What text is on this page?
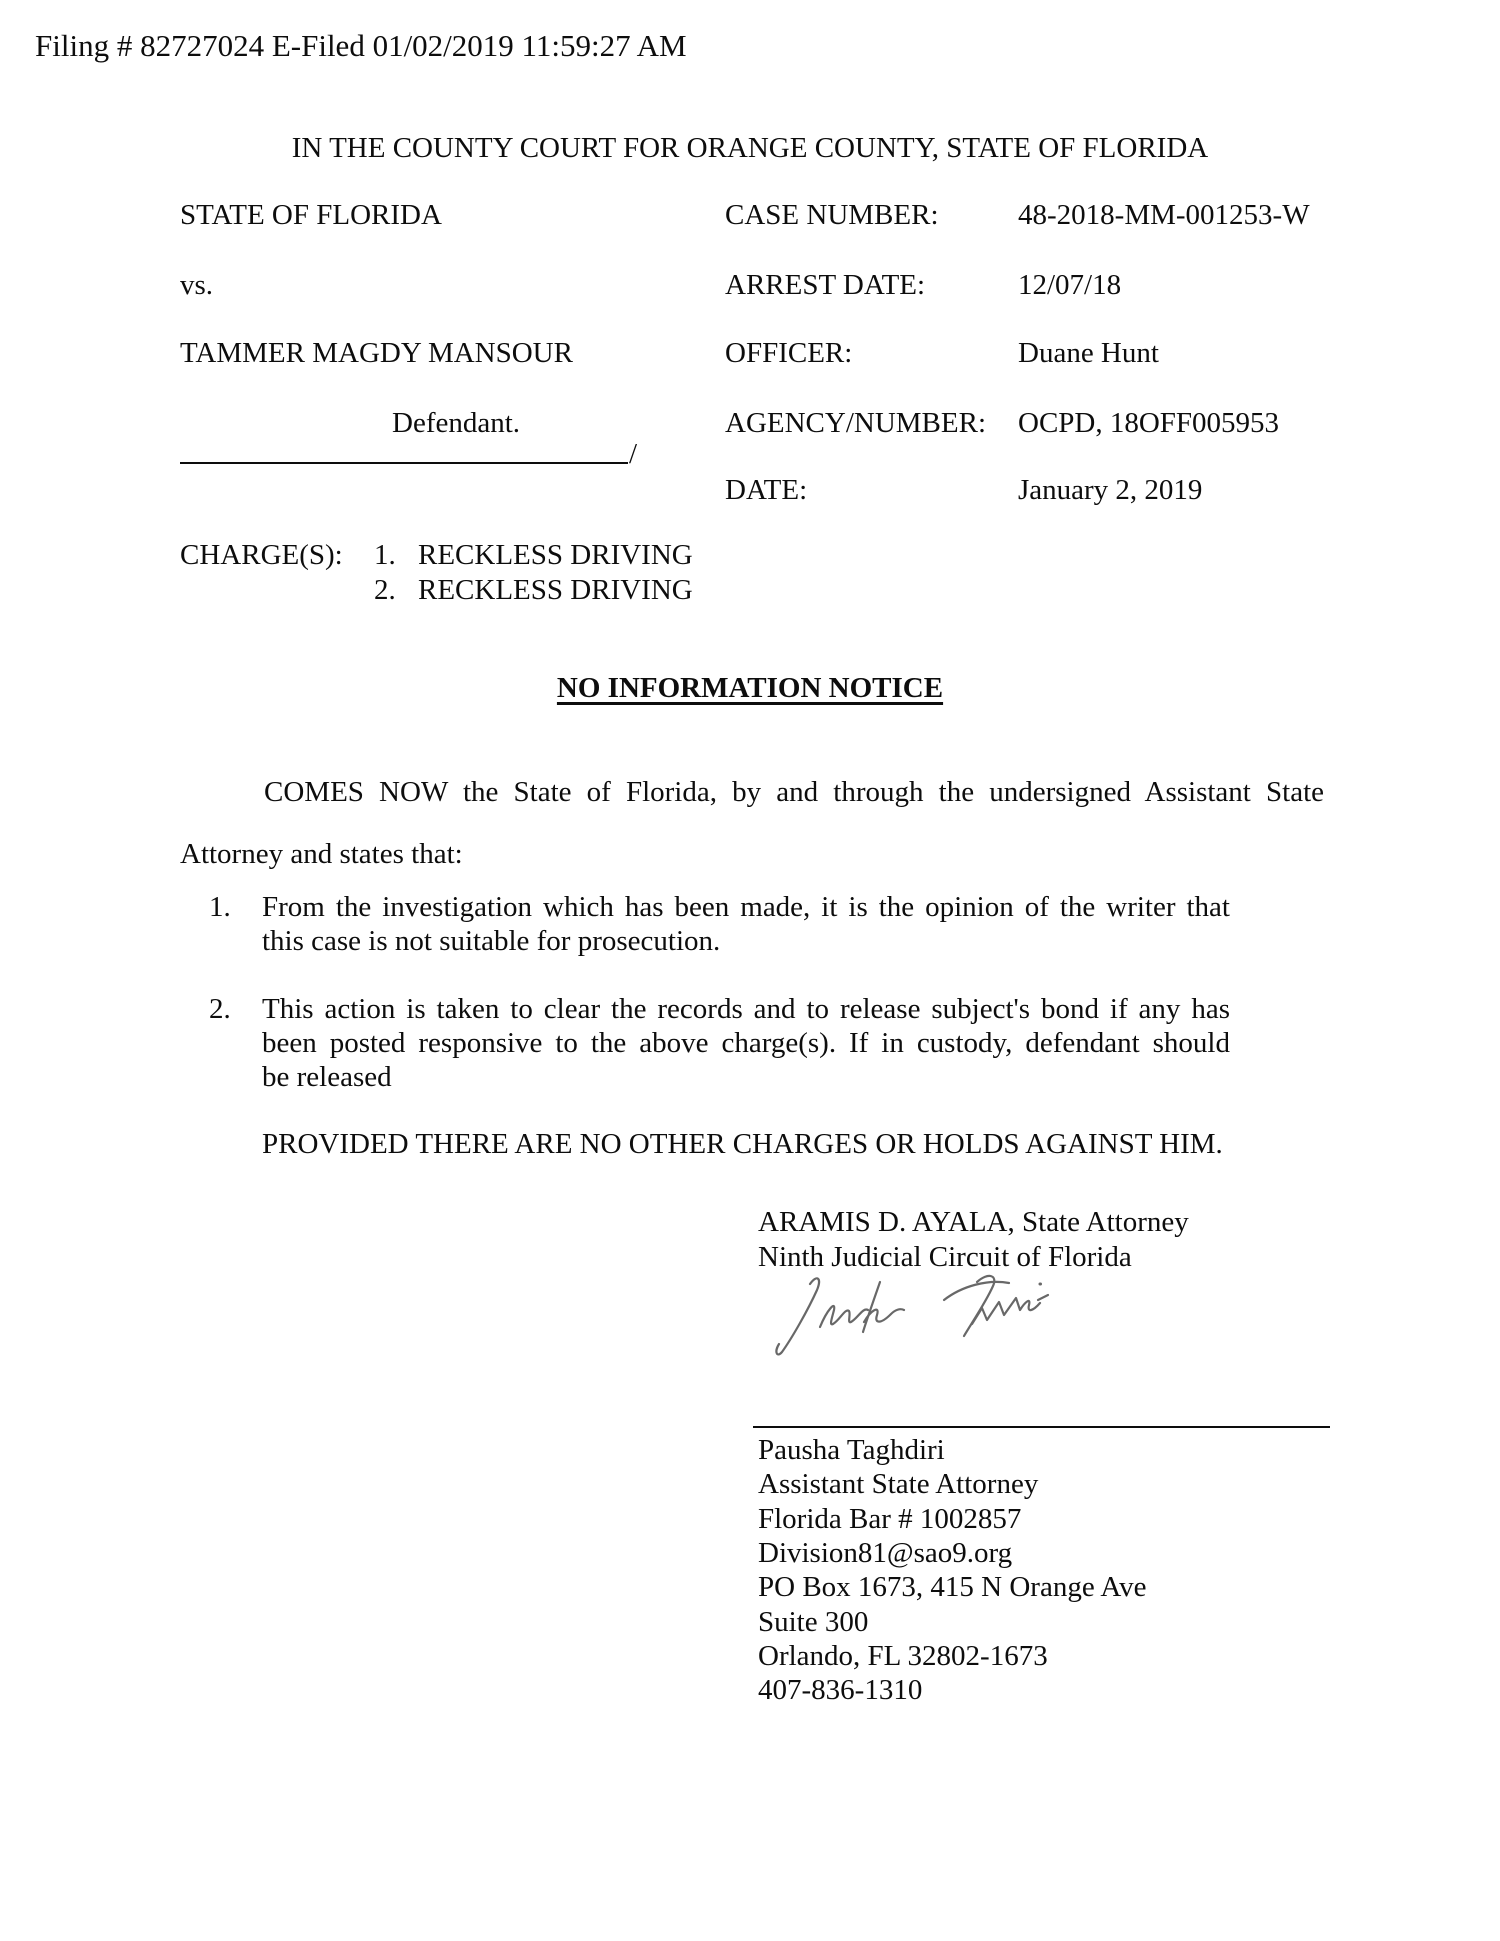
Filing # 82727024 E-Filed 01/02/2019 11:59:27 AM
IN THE COUNTY COURT FOR ORANGE COUNTY, STATE OF FLORIDA
STATE OF FLORIDA
vs.
TAMMER MAGDY MANSOUR
Defendant.
/
CASE NUMBER:
ARREST DATE:
OFFICER:
AGENCY/NUMBER:
DATE:
48-2018-MM-001253-W
12/07/18
Duane Hunt
OCPD, 18OFF005953
January 2, 2019
CHARGE(S): 1. RECKLESS DRIVING
2. RECKLESS DRIVING
NO INFORMATION NOTICE
COMES NOW the State of Florida, by and through the undersigned Assistant State
Attorney and states that:
1. From the investigation which has been made, it is the opinion of the writer that
this case is not suitable for prosecution.
2. This action is taken to clear the records and to release subject's bond if any has
been posted responsive to the above charge(s). If in custody, defendant should
be released
PROVIDED THERE ARE NO OTHER CHARGES OR HOLDS AGAINST HIM.
ARAMIS D. AYALA, State Attorney
Ninth Judicial Circuit of Florida
Pausha Taghdiri
Assistant State Attorney
Florida Bar # 1002857
Division81@sao9.org
PO Box 1673, 415 N Orange Ave
Suite 300
Orlando, FL 32802-1673
407-836-1310
